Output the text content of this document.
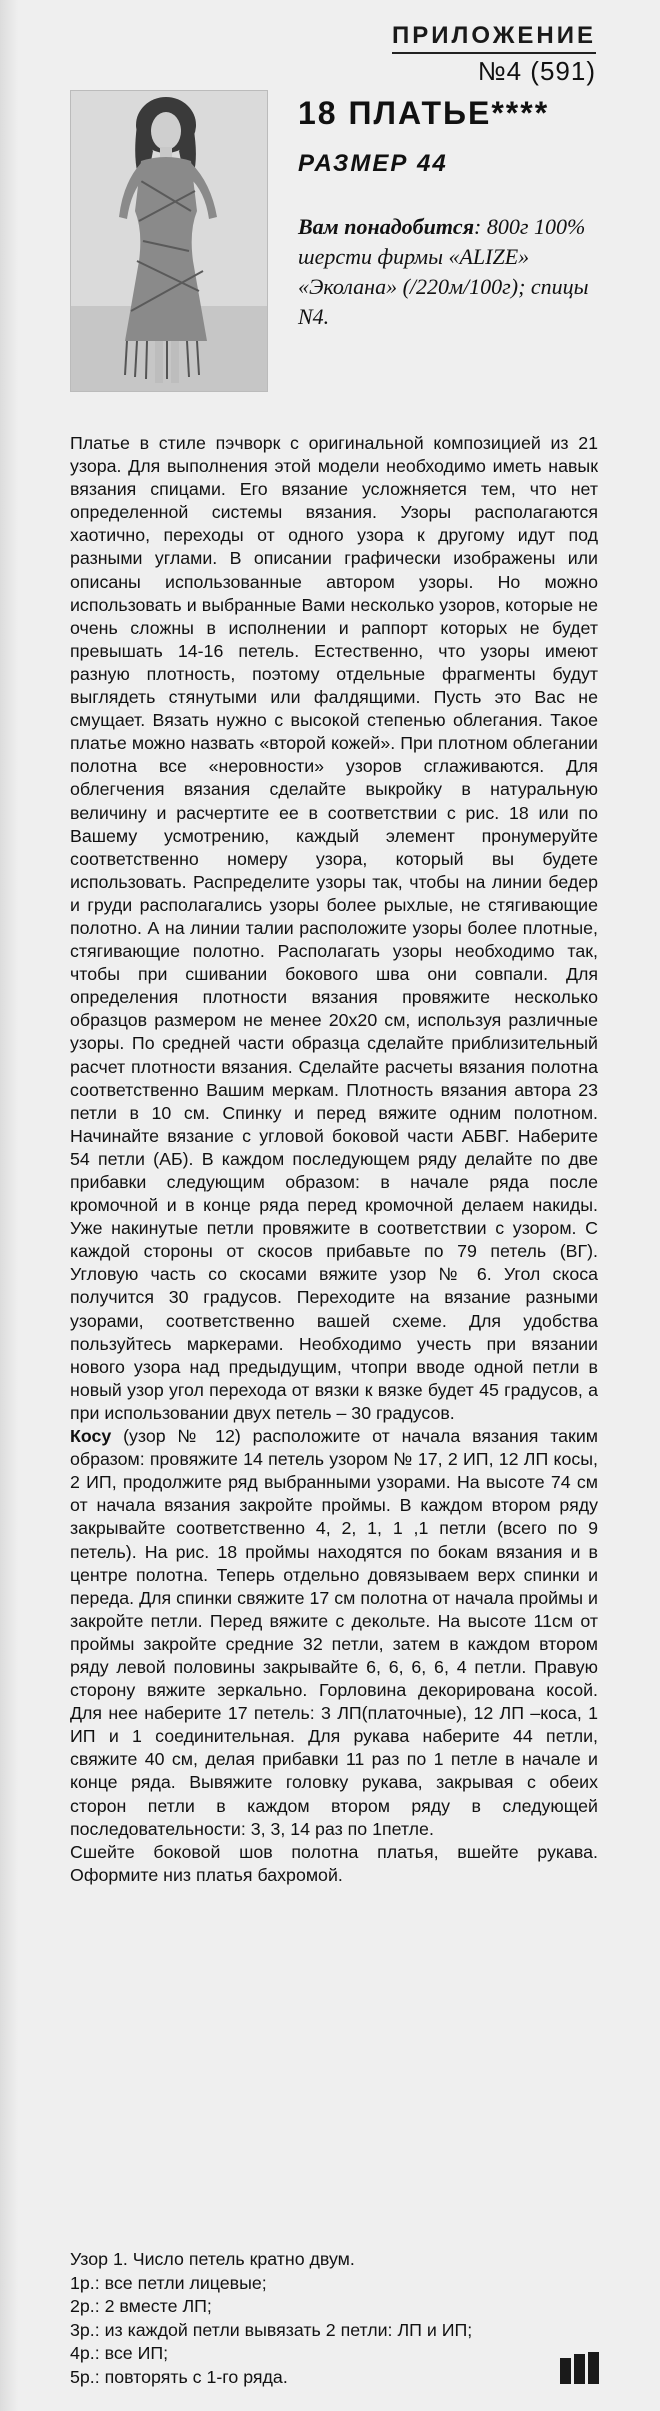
ПРИЛОЖЕНИЕ
№4 (591)
18 ПЛАТЬЕ****
РАЗМЕР 44
Вам понадобится: 800г 100% шерсти фирмы «ALIZE» «Эколана» (/220м/100г); спицы N4.

Платье в стиле пэчворк с оригинальной композицией из 21 узора. Для выполнения этой модели необходимо иметь навык вязания спицами. Его вязание усложняется тем, что нет определенной системы вязания. Узоры располагаются хаотично, переходы от одного узора к другому идут под разными углами. В описании графически изображены или описаны использованные автором узоры. Но можно использовать и выбранные Вами несколько узоров, которые не очень сложны в исполнении и раппорт которых не будет превышать 14-16 петель. Естественно, что узоры имеют разную плотность, поэтому отдельные фрагменты будут выглядеть стянутыми или фалдящими. Пусть это Вас не смущает. Вязать нужно с высокой степенью облегания. Такое платье можно назвать «второй кожей». При плотном облегании полотна все «неровности» узоров сглаживаются. Для облегчения вязания сделайте выкройку в натуральную величину и расчертите ее в соответствии с рис. 18 или по Вашему усмотрению, каждый элемент пронумеруйте соответственно номеру узора, который вы будете использовать. Распределите узоры так, чтобы на линии бедер и груди располагались узоры более рыхлые, не стягивающие полотно. А на линии талии расположите узоры более плотные, стягивающие полотно. Располагать узоры необходимо так, чтобы при сшивании бокового шва они совпали. Для определения плотности вязания провяжите несколько образцов размером не менее 20х20 см, используя различные узоры. По средней части образца сделайте приблизительный расчет плотности вязания. Сделайте расчеты вязания полотна соответственно Вашим меркам. Плотность вязания автора 23 петли в 10 см. Спинку и перед вяжите одним полотном. Начинайте вязание с угловой боковой части АБВГ. Наберите 54 петли (АБ). В каждом последующем ряду делайте по две прибавки следующим образом: в начале ряда после кромочной и в конце ряда перед кромочной делаем накиды. Уже накинутые петли провяжите в соответствии с узором. С каждой стороны от скосов прибавьте по 79 петель (ВГ). Угловую часть со скосами вяжите узор № 6. Угол скоса получится 30 градусов. Переходите на вязание разными узорами, соответственно вашей схеме. Для удобства пользуйтесь маркерами. Необходимо учесть при вязании нового узора над предыдущим, чтопри вводе одной петли в новый узор угол перехода от вязки к вязке будет 45 градусов, а при использовании двух петель – 30 градусов.

Косу (узор № 12) расположите от начала вязания таким образом: провяжите 14 петель узором № 17, 2 ИП, 12 ЛП косы, 2 ИП, продолжите ряд выбранными узорами. На высоте 74 см от начала вязания закройте проймы. В каждом втором ряду закрывайте соответственно 4, 2, 1, 1 ,1 петли (всего по 9 петель). На рис. 18 проймы находятся по бокам вязания и в центре полотна. Теперь отдельно довязываем верх спинки и переда. Для спинки свяжите 17 см полотна от начала проймы и закройте петли. Перед вяжите с декольте. На высоте 11см от проймы закройте средние 32 петли, затем в каждом втором ряду левой половины закрывайте 6, 6, 6, 6, 4 петли. Правую сторону вяжите зеркально. Горловина декорирована косой. Для нее наберите 17 петель: 3 ЛП(платочные), 12 ЛП –коса, 1 ИП и 1 соединительная. Для рукава наберите 44 петли, свяжите 40 см, делая прибавки 11 раз по 1 петле в начале и конце ряда. Вывяжите головку рукава, закрывая с обеих сторон петли в каждом втором ряду в следующей последовательности: 3, 3, 14 раз по 1петле.

Сшейте боковой шов полотна платья, вшейте рукава. Оформите низ платья бахромой.

Узор 1. Число петель кратно двум.
1р.: все петли лицевые;
2р.: 2 вместе ЛП;
3р.: из каждой петли вывязать 2 петли: ЛП и ИП;
4р.: все ИП;
5р.: повторять с 1-го ряда.
